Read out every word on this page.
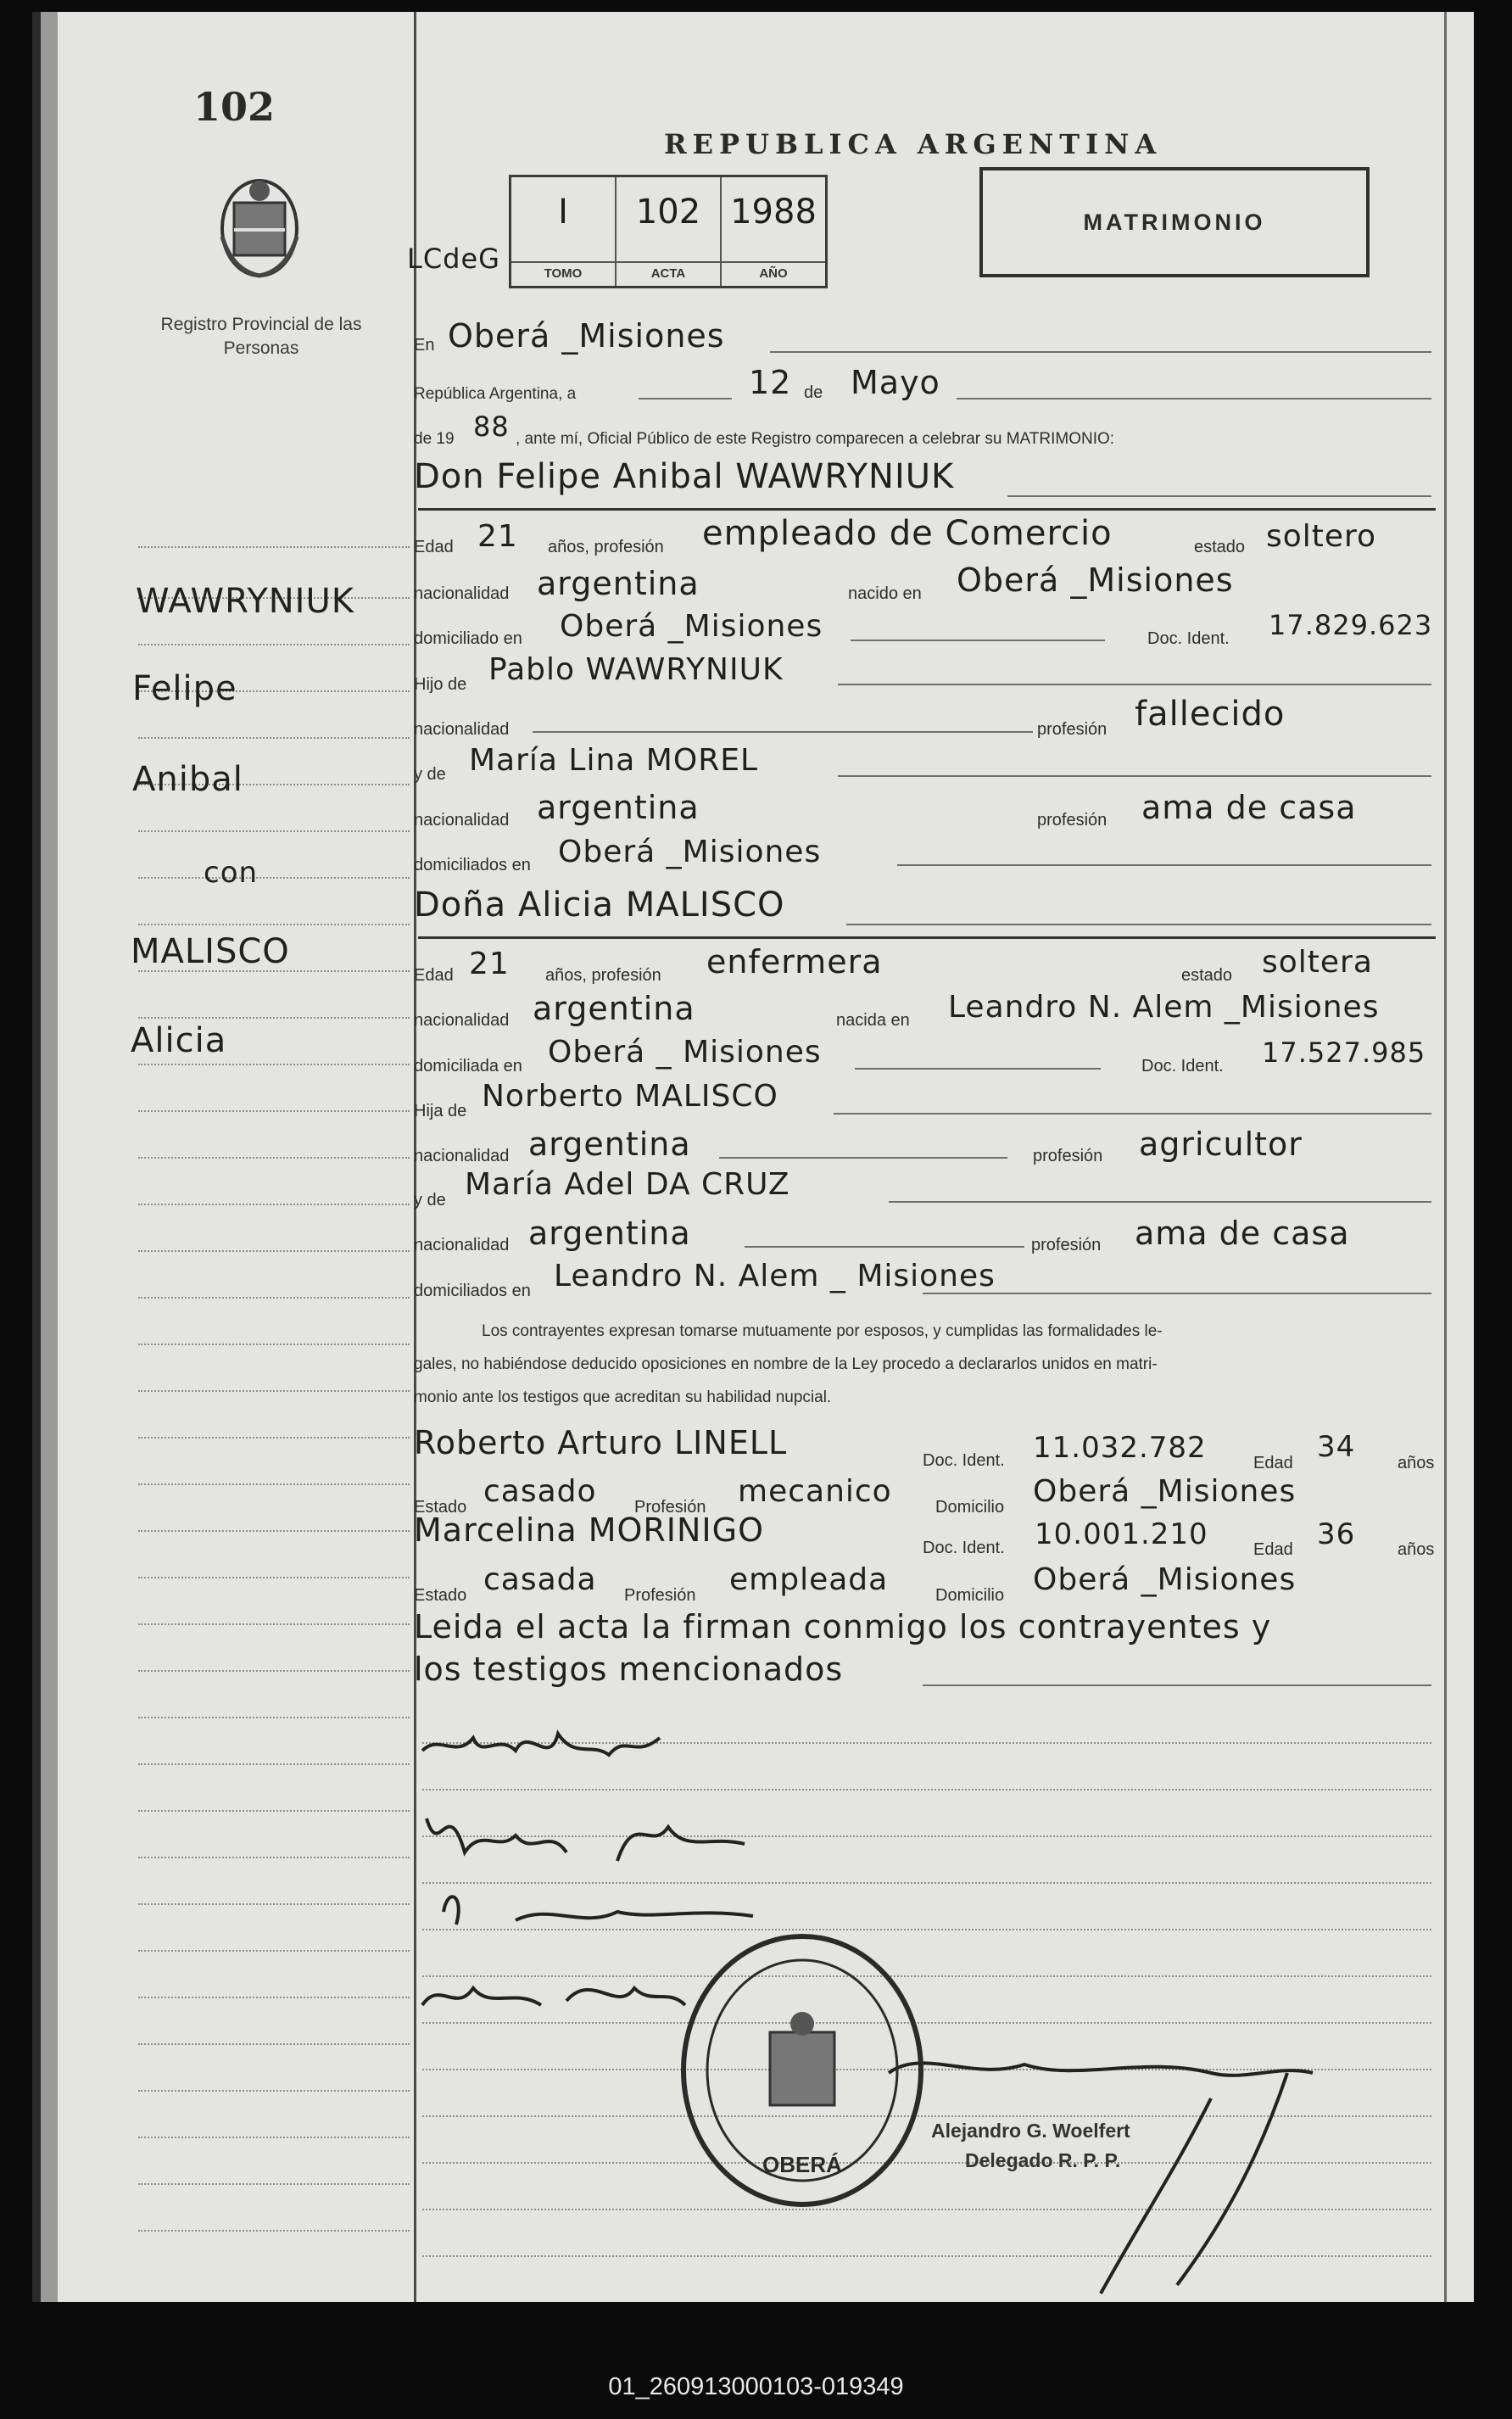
102
Registro Provincial de las Personas
WAWRYNIUK
Felipe
Anibal
con
MALISCO
Alicia
REPUBLICA ARGENTINA
LCdeG
I
TOMO
102
ACTA
1988
AÑO
MATRIMONIO
En Oberá _Misiones
República Argentina, a	12 de Mayo
de 19 88 , ante mí, Oficial Público de este Registro comparecen a celebrar su MATRIMONIO:
Don Felipe Anibal WAWRYNIUK
Edad 21 años, profesión empleado de Comercio	estado soltero
nacionalidad argentina	nacido en Oberá _Misiones
domiciliado en Oberá _Misiones	Doc. Ident. 17.829.623
Hijo de Pablo WAWRYNIUK
nacionalidad	profesión fallecido
y de María Lina MOREL
nacionalidad argentina	profesión ama de casa
domiciliados en Oberá _Misiones
Doña Alicia MALISCO
Edad 21 años, profesión enfermera	estado soltera
nacionalidad argentina	nacida en Leandro N. Alem _Misiones
domiciliada en Oberá _ Misiones	Doc. Ident. 17.527.985
Hija de Norberto MALISCO
nacionalidad argentina	profesión agricultor
y de María Adel DA CRUZ
nacionalidad argentina	profesión ama de casa
domiciliados en Leandro N. Alem _ Misiones
Los contrayentes expresan tomarse mutuamente por esposos, y cumplidas las formalidades le-
gales, no habiéndose deducido oposiciones en nombre de la Ley procedo a declararlos unidos en matri-
monio ante los testigos que acreditan su habilidad nupcial.
Roberto Arturo LINELL	Doc. Ident. 11.032.782	Edad 34 años
Estado casado Profesión mecanico	Domicilio Oberá _Misiones
Marcelina MORINIGO	Doc. Ident. 10.001.210	Edad 36 años
Estado casada Profesión empleada	Domicilio Oberá _Misiones
Leida el acta la firman conmigo los contrayentes y
los testigos mencionados
OBERÁ
Alejandro G. Woelfert
Delegado R. P. P.
01_260913000103-019349
